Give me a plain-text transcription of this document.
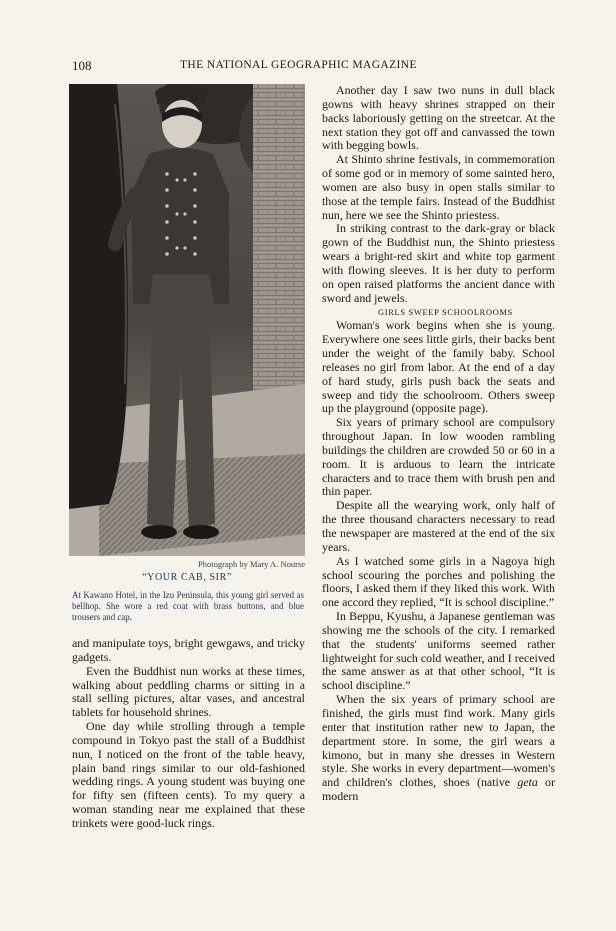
108	THE NATIONAL GEOGRAPHIC MAGAZINE
Photograph by Mary A. Nourse
“YOUR CAB, SIR”
At Kawano Hotel, in the Izu Peninsula, this young girl served as bellhop. She wore a red coat with brass buttons, and blue trousers and cap.

and manipulate toys, bright gewgaws, and tricky gadgets.

Even the Buddhist nun works at these times, walking about peddling charms or sitting in a stall selling pictures, altar vases, and ancestral tablets for household shrines.

One day while strolling through a temple compound in Tokyo past the stall of a Buddhist nun, I noticed on the front of the table heavy, plain band rings similar to our old-fashioned wedding rings. A young student was buying one for fifty sen (fifteen cents). To my query a woman standing near me explained that these trinkets were good-luck rings.

Another day I saw two nuns in dull black gowns with heavy shrines strapped on their backs laboriously getting on the streetcar. At the next station they got off and canvassed the town with begging bowls.

At Shinto shrine festivals, in commemoration of some god or in memory of some sainted hero, women are also busy in open stalls similar to those at the temple fairs. Instead of the Buddhist nun, here we see the Shinto priestess.

In striking contrast to the dark-gray or black gown of the Buddhist nun, the Shinto priestess wears a bright-red skirt and white top garment with flowing sleeves. It is her duty to perform on open raised platforms the ancient dance with sword and jewels.

GIRLS SWEEP SCHOOLROOMS

Woman's work begins when she is young. Everywhere one sees little girls, their backs bent under the weight of the family baby. School releases no girl from labor. At the end of a day of hard study, girls push back the seats and sweep and tidy the schoolroom. Others sweep up the playground (opposite page).

Six years of primary school are compulsory throughout Japan. In low wooden rambling buildings the children are crowded 50 or 60 in a room. It is arduous to learn the intricate characters and to trace them with brush pen and thin paper.

Despite all the wearying work, only half of the three thousand characters necessary to read the newspaper are mastered at the end of the six years.

As I watched some girls in a Nagoya high school scouring the porches and polishing the floors, I asked them if they liked this work. With one accord they replied, “It is school discipline.”

In Beppu, Kyushu, a Japanese gentleman was showing me the schools of the city. I remarked that the students' uniforms seemed rather lightweight for such cold weather, and I received the same answer as at that other school, “It is school discipline.”

When the six years of primary school are finished, the girls must find work. Many girls enter that institution rather new to Japan, the department store. In some, the girl wears a kimono, but in many she dresses in Western style. She works in every department—women's and children's clothes, shoes (native geta or modern
